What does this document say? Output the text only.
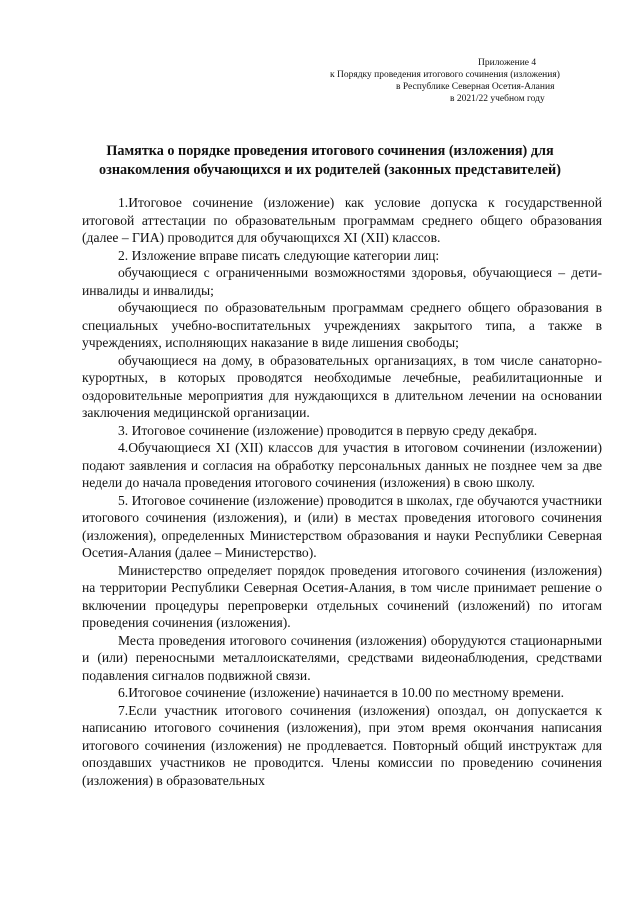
Приложение 4
к Порядку проведения итогового сочинения (изложения)
в Республике Северная Осетия-Алания
в 2021/22 учебном году
Памятка о порядке проведения итогового сочинения (изложения) для
ознакомления обучающихся и их родителей (законных представителей)

1.Итоговое сочинение (изложение) как условие допуска к государственной итоговой аттестации по образовательным программам среднего общего образования (далее – ГИА) проводится для обучающихся XI (XII) классов.

2. Изложение вправе писать следующие категории лиц:

обучающиеся с ограниченными возможностями здоровья, обучающиеся – дети-инвалиды и инвалиды;

обучающиеся по образовательным программам среднего общего образования в специальных учебно-воспитательных учреждениях закрытого типа, а также в учреждениях, исполняющих наказание в виде лишения свободы;

обучающиеся на дому, в образовательных организациях, в том числе санаторно-курортных, в которых проводятся необходимые лечебные, реабилитационные и оздоровительные мероприятия для нуждающихся в длительном лечении на основании заключения медицинской организации.

3. Итоговое сочинение (изложение) проводится в первую среду декабря.

4.Обучающиеся XI (XII) классов для участия в итоговом сочинении (изложении) подают заявления и согласия на обработку персональных данных не позднее чем за две недели до начала проведения итогового сочинения (изложения) в свою школу.

5. Итоговое сочинение (изложение) проводится в школах, где обучаются участники итогового сочинения (изложения), и (или) в местах проведения итогового сочинения (изложения), определенных Министерством образования и науки Республики Северная Осетия-Алания (далее – Министерство).

Министерство определяет порядок проведения итогового сочинения (изложения) на территории Республики Северная Осетия-Алания, в том числе принимает решение о включении процедуры перепроверки отдельных сочинений (изложений) по итогам проведения сочинения (изложения).

Места проведения итогового сочинения (изложения) оборудуются стационарными и (или) переносными металлоискателями, средствами видеонаблюдения, средствами подавления сигналов подвижной связи.

6.Итоговое сочинение (изложение) начинается в 10.00 по местному времени.

7.Если участник итогового сочинения (изложения) опоздал, он допускается к написанию итогового сочинения (изложения), при этом время окончания написания итогового сочинения (изложения) не продлевается. Повторный общий инструктаж для опоздавших участников не проводится. Члены комиссии по проведению сочинения (изложения) в образовательных
